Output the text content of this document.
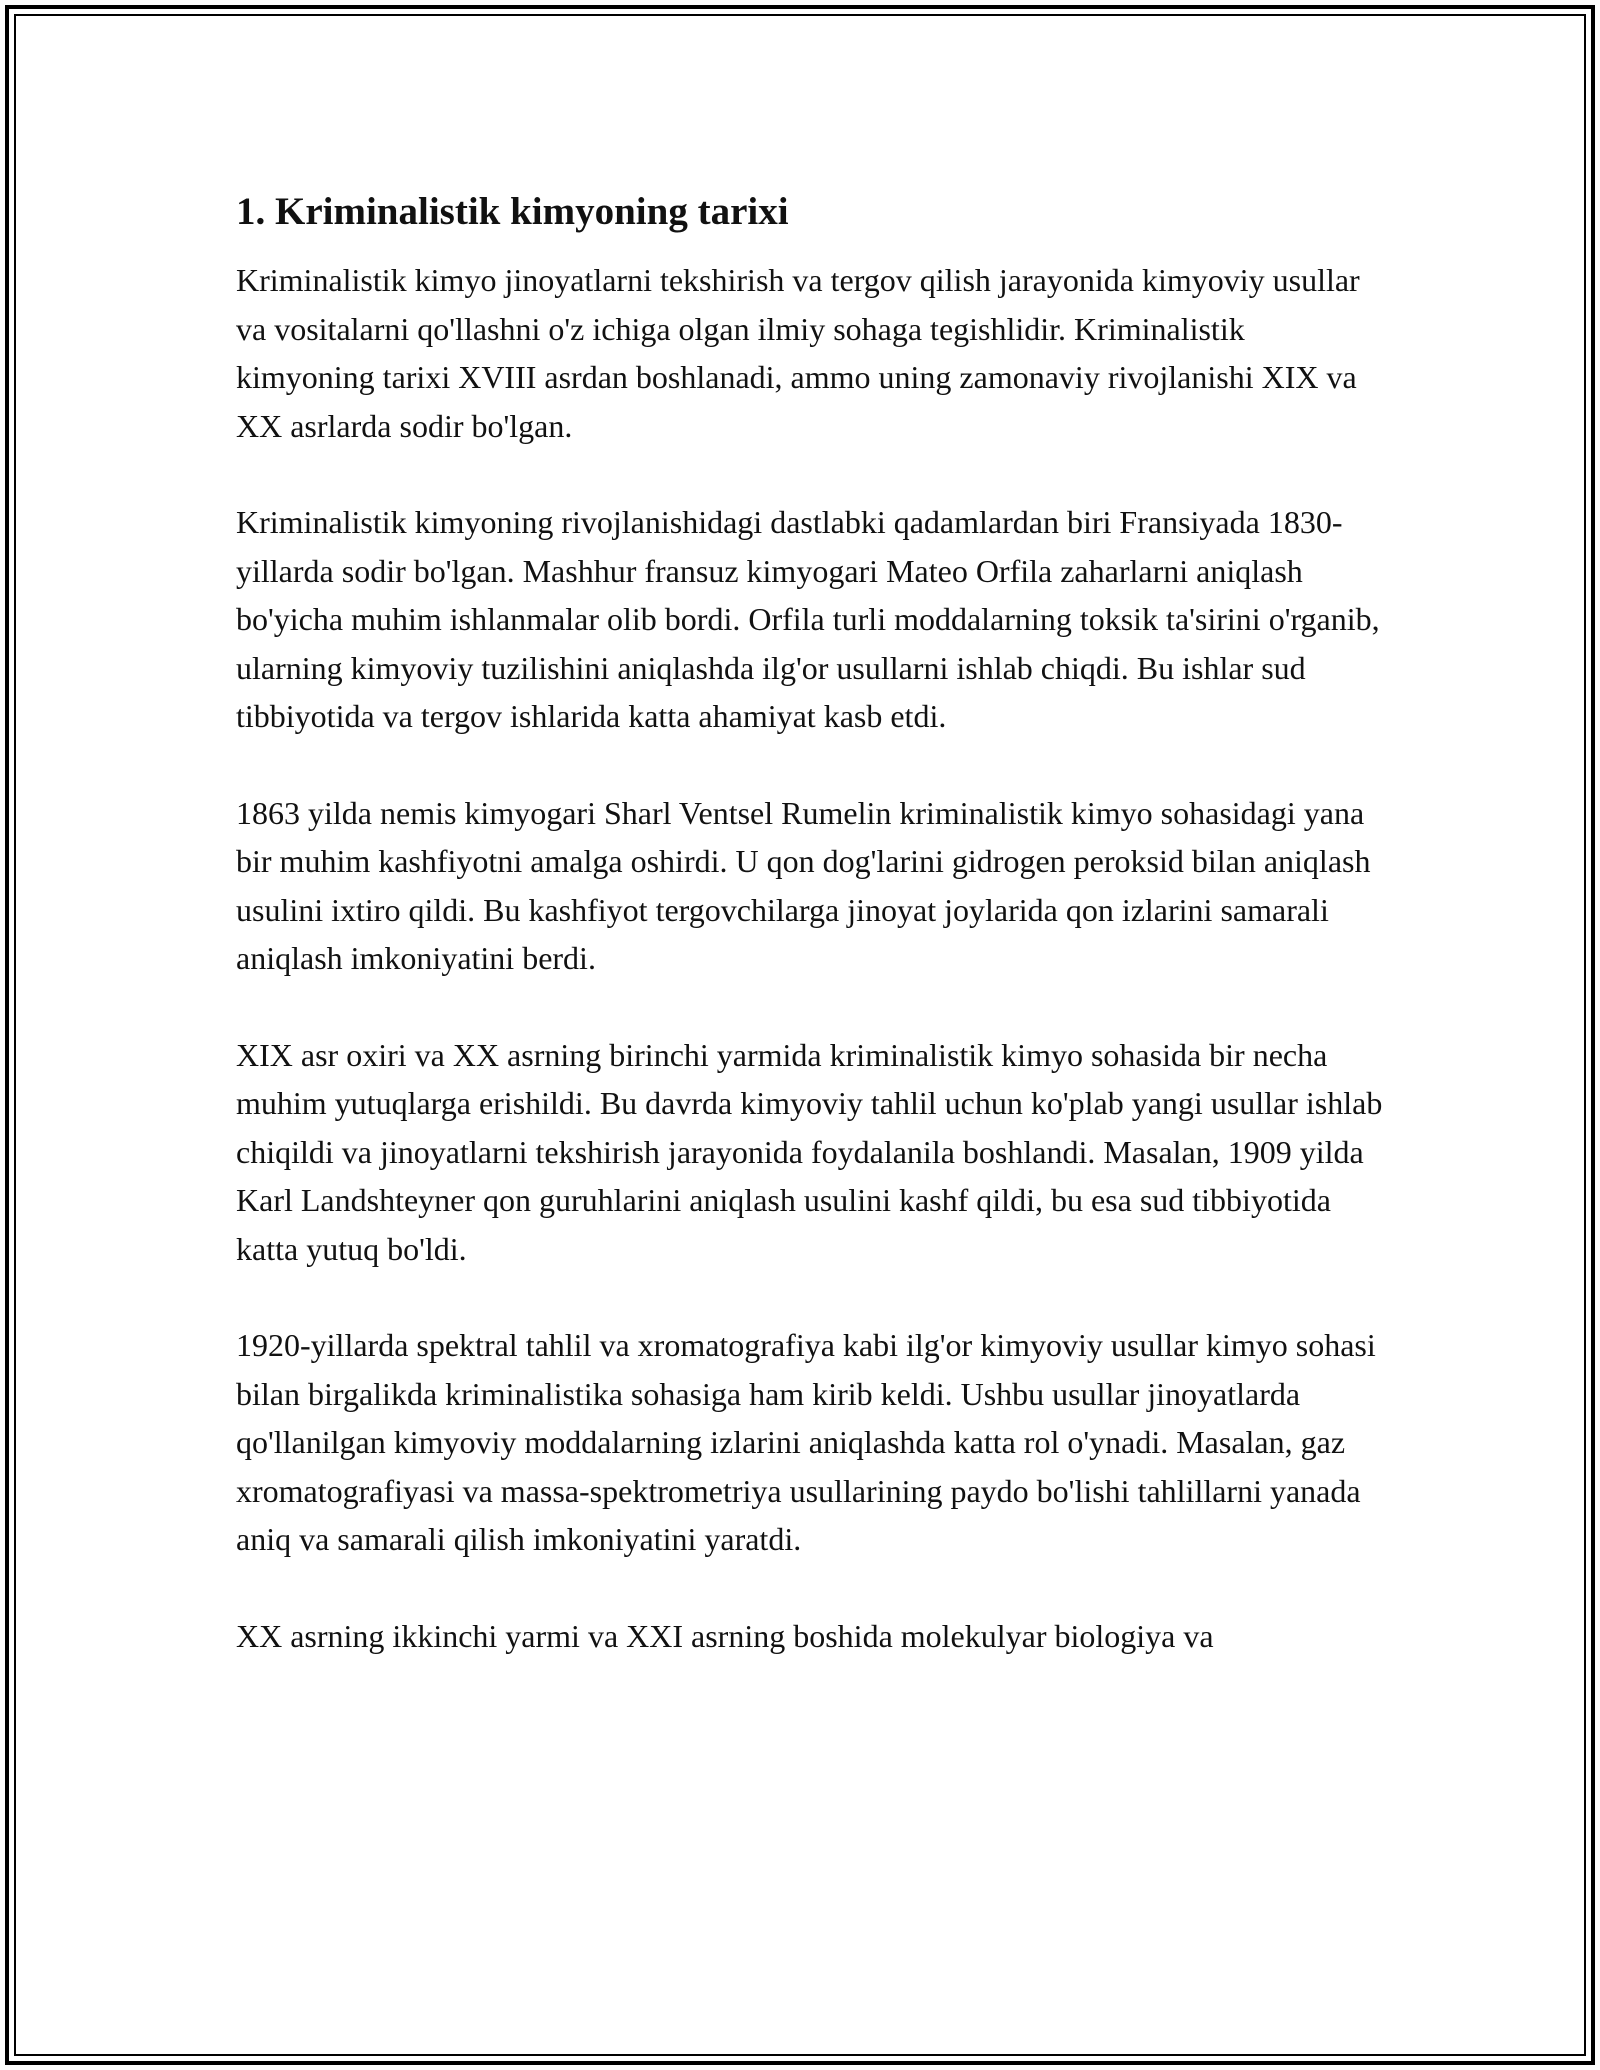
1. Kriminalistik kimyoning tarixi

Kriminalistik kimyo jinoyatlarni tekshirish va tergov qilish jarayonida kimyoviy usullar va vositalarni qo'llashni o'z ichiga olgan ilmiy sohaga tegishlidir. Kriminalistik kimyoning tarixi XVIII asrdan boshlanadi, ammo uning zamonaviy rivojlanishi XIX va XX asrlarda sodir bo'lgan.

Kriminalistik kimyoning rivojlanishidagi dastlabki qadamlardan biri Fransiyada 1830-yillarda sodir bo'lgan. Mashhur fransuz kimyogari Mateo Orfila zaharlarni aniqlash bo'yicha muhim ishlanmalar olib bordi. Orfila turli moddalarning toksik ta'sirini o'rganib, ularning kimyoviy tuzilishini aniqlashda ilg'or usullarni ishlab chiqdi. Bu ishlar sud tibbiyotida va tergov ishlarida katta ahamiyat kasb etdi.

1863 yilda nemis kimyogari Sharl Ventsel Rumelin kriminalistik kimyo sohasidagi yana bir muhim kashfiyotni amalga oshirdi. U qon dog'larini gidrogen peroksid bilan aniqlash usulini ixtiro qildi. Bu kashfiyot tergovchilarga jinoyat joylarida qon izlarini samarali aniqlash imkoniyatini berdi.

XIX asr oxiri va XX asrning birinchi yarmida kriminalistik kimyo sohasida bir necha muhim yutuqlarga erishildi. Bu davrda kimyoviy tahlil uchun ko'plab yangi usullar ishlab chiqildi va jinoyatlarni tekshirish jarayonida foydalanila boshlandi. Masalan, 1909 yilda Karl Landshteyner qon guruhlarini aniqlash usulini kashf qildi, bu esa sud tibbiyotida katta yutuq bo'ldi.

1920-yillarda spektral tahlil va xromatografiya kabi ilg'or kimyoviy usullar kimyo sohasi bilan birgalikda kriminalistika sohasiga ham kirib keldi. Ushbu usullar jinoyatlarda qo'llanilgan kimyoviy moddalarning izlarini aniqlashda katta rol o'ynadi. Masalan, gaz xromatografiyasi va massa-spektrometriya usullarining paydo bo'lishi tahlillarni yanada aniq va samarali qilish imkoniyatini yaratdi.

XX asrning ikkinchi yarmi va XXI asrning boshida molekulyar biologiya va
